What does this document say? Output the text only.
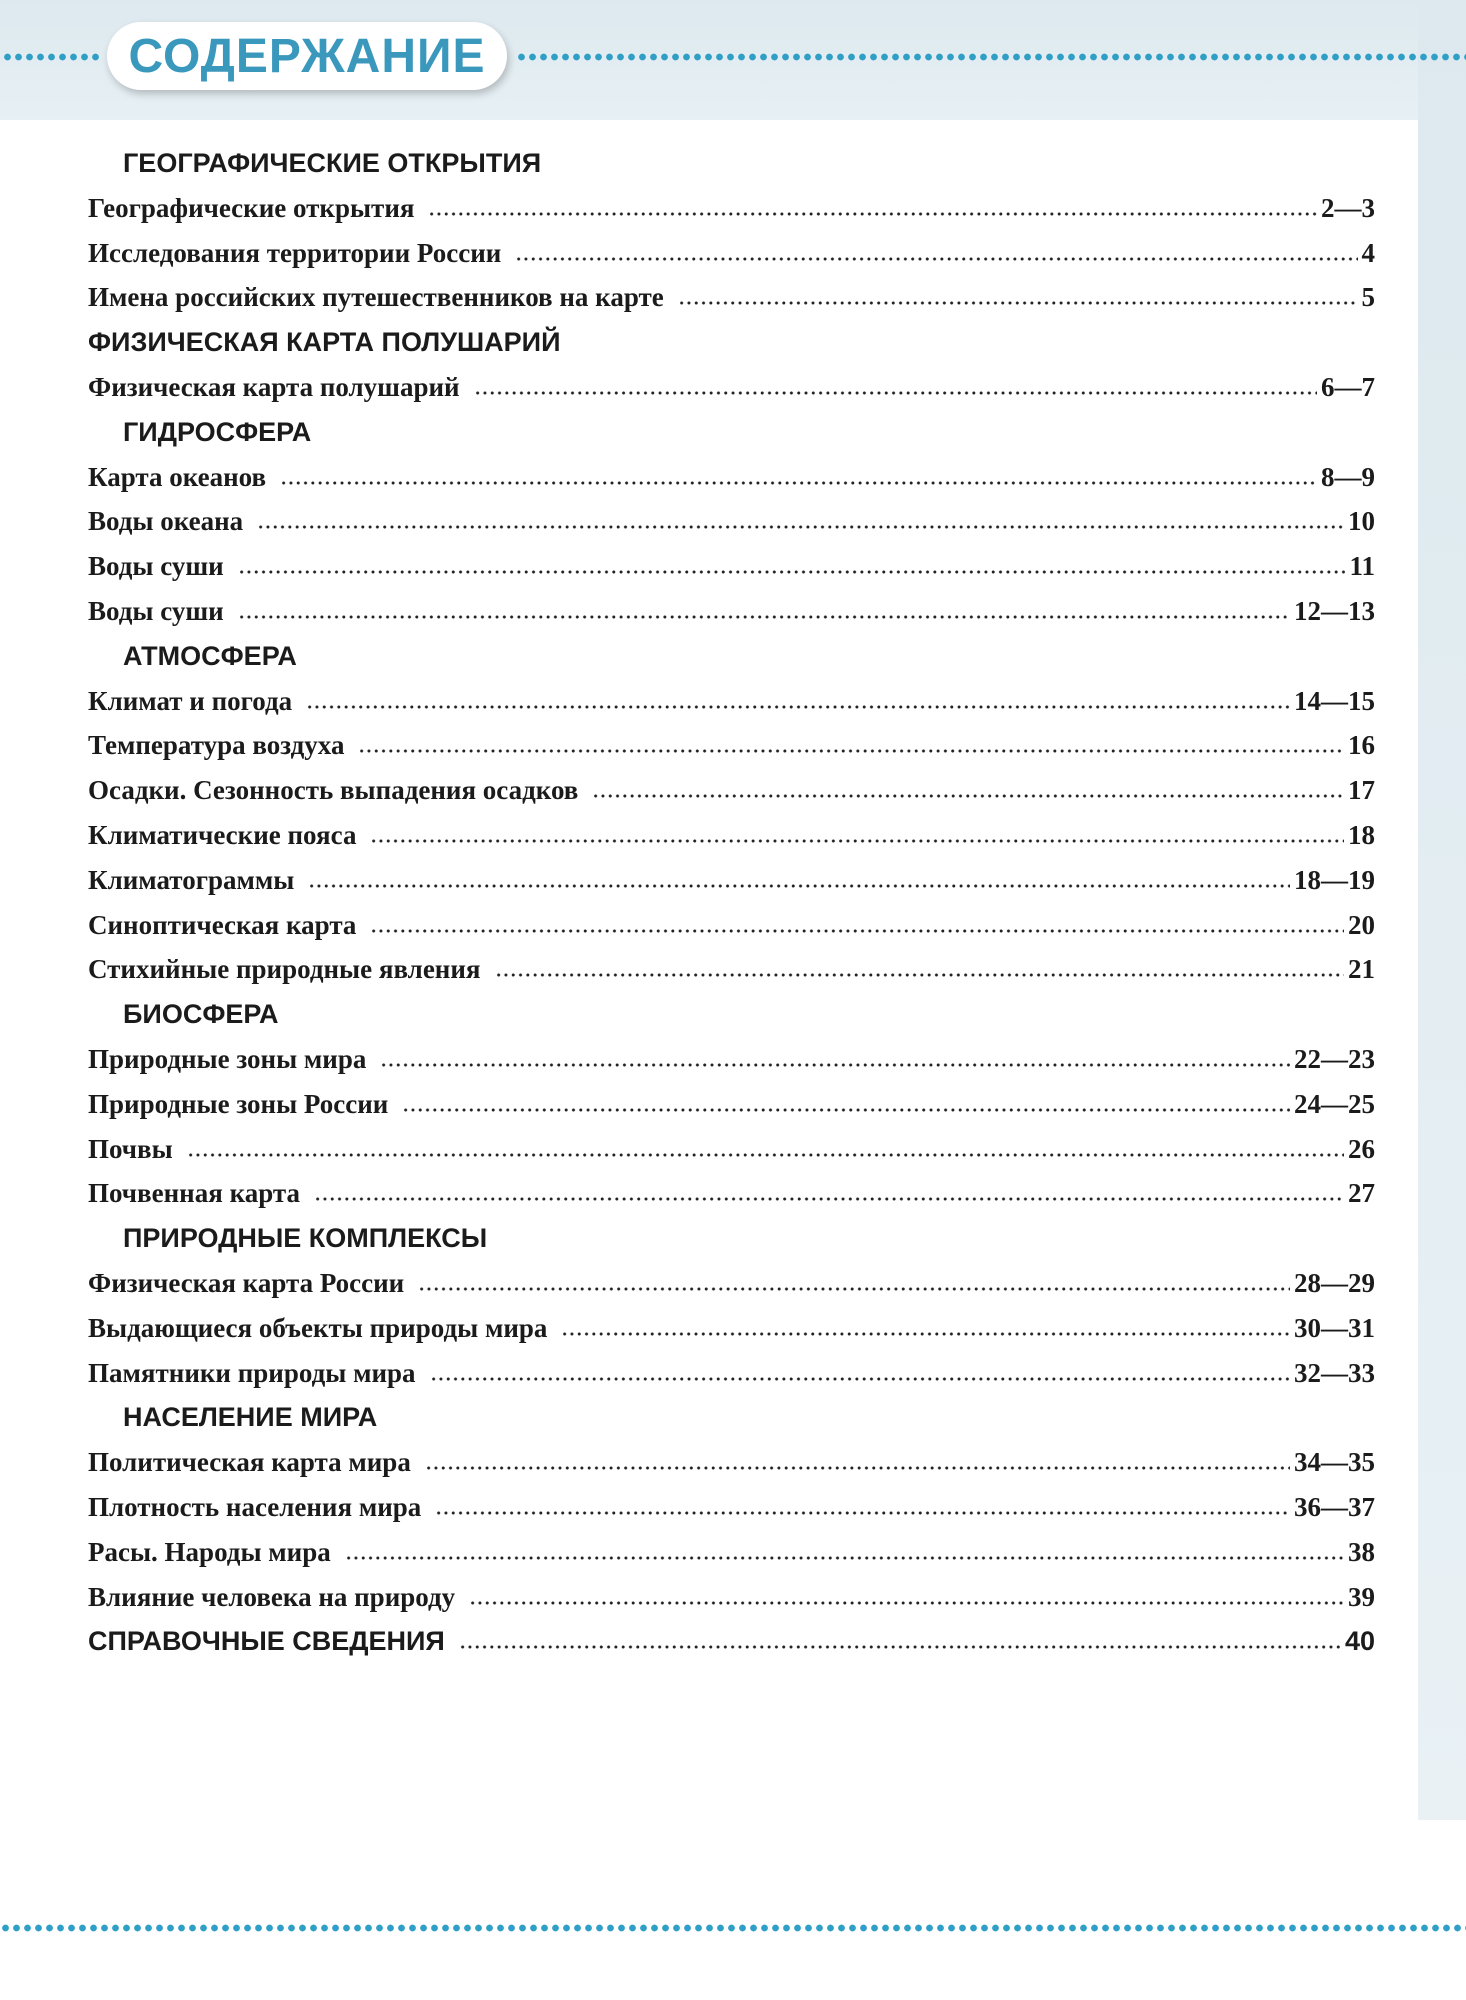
СОДЕРЖАНИЕ
ГЕОГРАФИЧЕСКИЕ ОТКРЫТИЯ
Географические открытия	2—3
Исследования территории России	4
Имена российских путешественников на карте	5
ФИЗИЧЕСКАЯ КАРТА ПОЛУШАРИЙ
Физическая карта полушарий	6—7
ГИДРОСФЕРА
Карта океанов	8—9
Воды океана	10
Воды суши	11
Воды суши	12—13
АТМОСФЕРА
Климат и погода	14—15
Температура воздуха	16
Осадки. Сезонность выпадения осадков	17
Климатические пояса	18
Климатограммы	18—19
Синоптическая карта	20
Стихийные природные явления	21
БИОСФЕРА
Природные зоны мира	22—23
Природные зоны России	24—25
Почвы	26
Почвенная карта	27
ПРИРОДНЫЕ КОМПЛЕКСЫ
Физическая карта России	28—29
Выдающиеся объекты природы мира	30—31
Памятники природы мира	32—33
НАСЕЛЕНИЕ МИРА
Политическая карта мира	34—35
Плотность населения мира	36—37
Расы. Народы мира	38
Влияние человека на природу	39
СПРАВОЧНЫЕ СВЕДЕНИЯ	40
